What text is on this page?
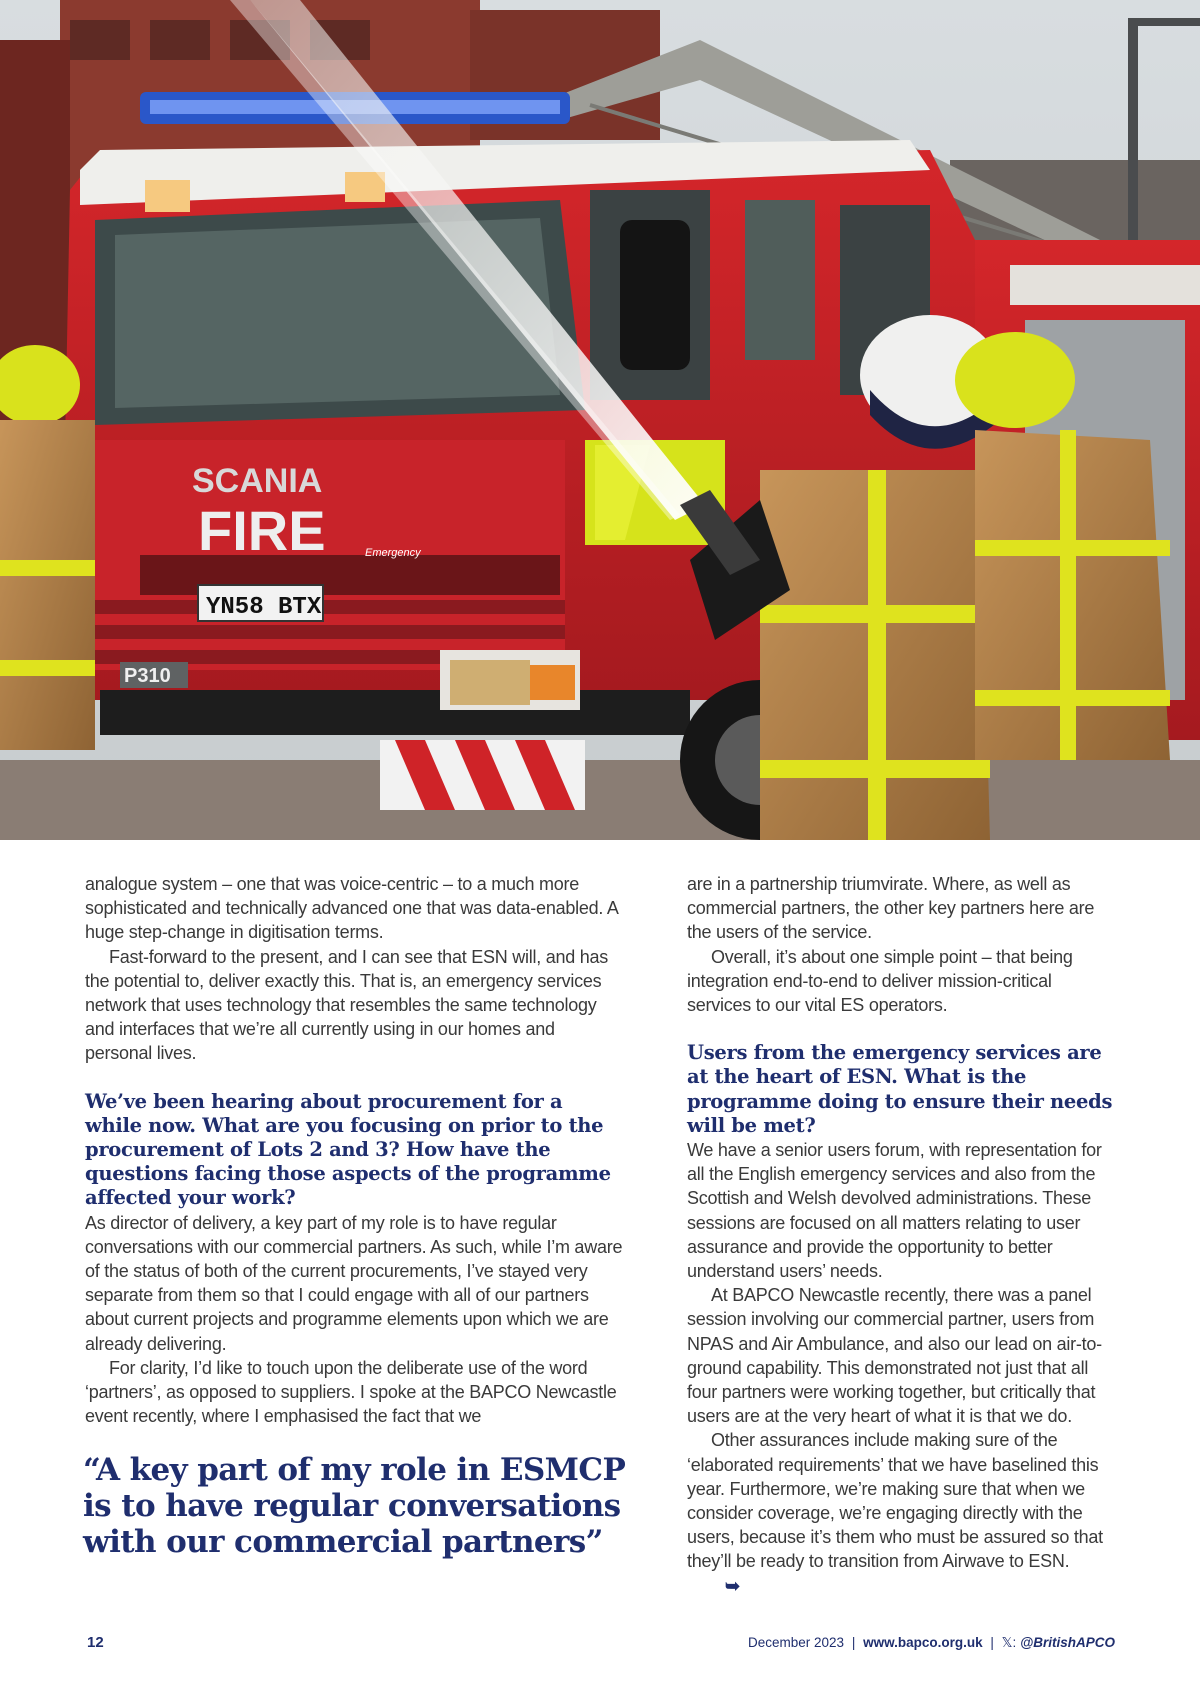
SCANIA
FIRE
YN58 BTX
P310
Emergency

analogue system – one that was voice-centric – to a much more sophisticated and technically advanced one that was data-enabled. A huge step-change in digitisation terms.

Fast-forward to the present, and I can see that ESN will, and has the potential to, deliver exactly this. That is, an emergency services network that uses technology that resembles the same technology and interfaces that we’re all currently using in our homes and personal lives.

We’ve been hearing about procurement for a while now. What are you focusing on prior to the procurement of Lots 2 and 3? How have the questions facing those aspects of the programme affected your work?

As director of delivery, a key part of my role is to have regular conversations with our commercial partners. As such, while I’m aware of the status of both of the current procurements, I’ve stayed very separate from them so that I could engage with all of our partners about current projects and programme elements upon which we are already delivering.

For clarity, I’d like to touch upon the deliberate use of the word ‘partners’, as opposed to suppliers. I spoke at the BAPCO Newcastle event recently, where I emphasised the fact that we

“A key part of my role in ESMCP is to have regular conversations with our commercial partners”

are in a partnership triumvirate. Where, as well as commercial partners, the other key partners here are the users of the service.

Overall, it’s about one simple point – that being integration end-to-end to deliver mission-critical services to our vital ES operators.

Users from the emergency services are at the heart of ESN. What is the programme doing to ensure their needs will be met?

We have a senior users forum, with representation for all the English emergency services and also from the Scottish and Welsh devolved administrations. These sessions are focused on all matters relating to user assurance and provide the opportunity to better understand users’ needs.

At BAPCO Newcastle recently, there was a panel session involving our commercial partner, users from NPAS and Air Ambulance, and also our lead on air-to-ground capability. This demonstrated not just that all four partners were working together, but critically that users are at the very heart of what it is that we do.

Other assurances include making sure of the ‘elaborated requirements’ that we have baselined this year. Furthermore, we’re making sure that when we consider coverage, we’re engaging directly with the users, because it’s them who must be assured so that they’ll be ready to transition from Airwave to ESN.➥

12	December 2023 | www.bapco.org.uk | 𝕏: @BritishAPCO
